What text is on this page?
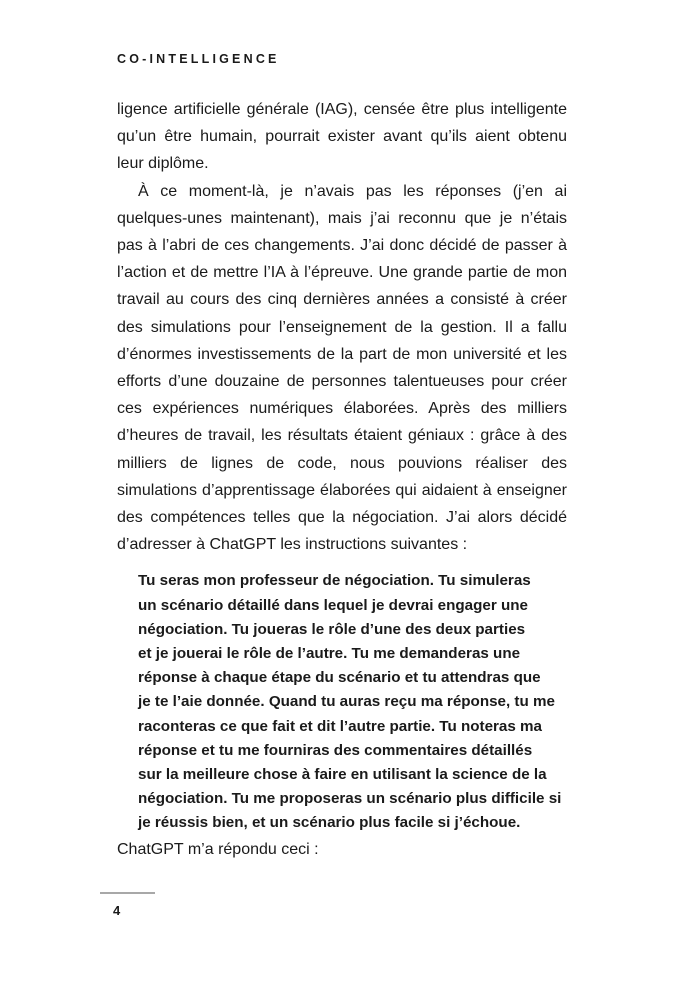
CO-INTELLIGENCE

ligence artificielle générale (IAG), censée être plus intelligente qu’un être humain, pourrait exister avant qu’ils aient obtenu leur diplôme.

À ce moment-là, je n’avais pas les réponses (j’en ai quelques-unes maintenant), mais j’ai reconnu que je n’étais pas à l’abri de ces changements. J’ai donc décidé de passer à l’action et de mettre l’IA à l’épreuve. Une grande partie de mon travail au cours des cinq dernières années a consisté à créer des simulations pour l’enseignement de la gestion. Il a fallu d’énormes investissements de la part de mon université et les efforts d’une douzaine de personnes talentueuses pour créer ces expériences numériques élaborées. Après des milliers d’heures de travail, les résultats étaient géniaux : grâce à des milliers de lignes de code, nous pouvions réaliser des simulations d’apprentissage élaborées qui aidaient à enseigner des compétences telles que la négociation. J’ai alors décidé d’adresser à ChatGPT les instructions suivantes :

Tu seras mon professeur de négociation. Tu simuleras
un scénario détaillé dans lequel je devrai engager une
négociation. Tu joueras le rôle d’une des deux parties
et je jouerai le rôle de l’autre. Tu me demanderas une
réponse à chaque étape du scénario et tu attendras que
je te l’aie donnée. Quand tu auras reçu ma réponse, tu me
raconteras ce que fait et dit l’autre partie. Tu noteras ma
réponse et tu me fourniras des commentaires détaillés
sur la meilleure chose à faire en utilisant la science de la
négociation. Tu me proposeras un scénario plus difficile si
je réussis bien, et un scénario plus facile si j’échoue.

ChatGPT m’a répondu ceci :

4
